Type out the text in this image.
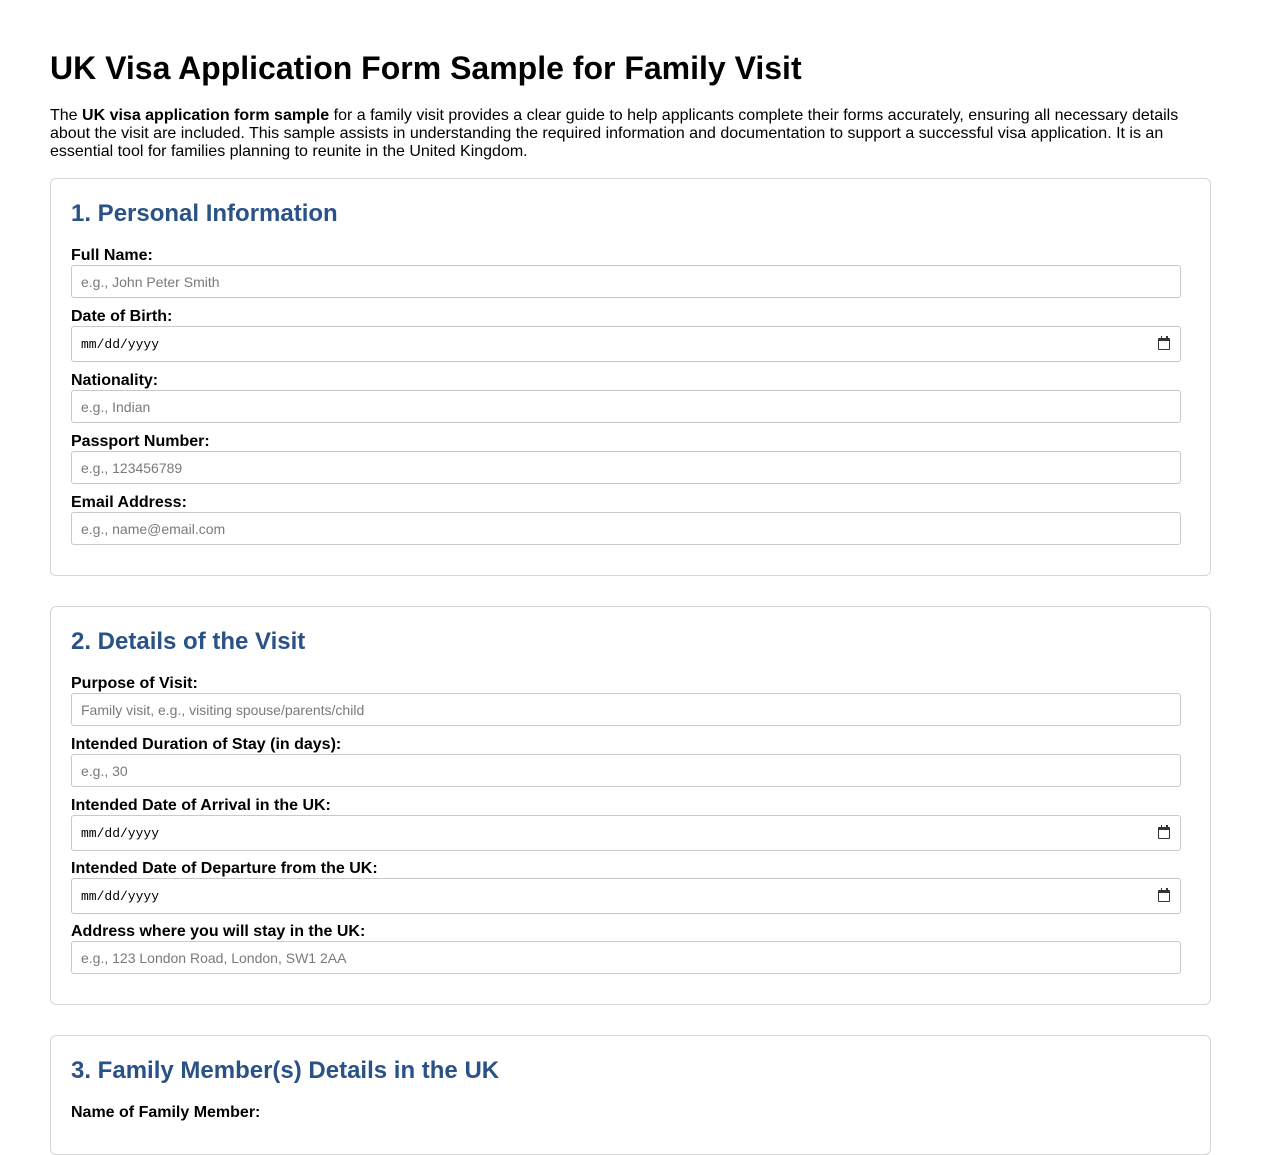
UK Visa Application Form Sample for Family Visit

The UK visa application form sample for a family visit provides a clear guide to help applicants complete their forms accurately, ensuring all necessary details about the visit are included. This sample assists in understanding the required information and documentation to support a successful visa application. It is an essential tool for families planning to reunite in the United Kingdom.

1. Personal Information
Full Name:
e.g., John Peter Smith
Date of Birth:
mm/dd/yyyy
Nationality:
e.g., Indian
Passport Number:
e.g., 123456789
Email Address:
e.g., name@email.com
2. Details of the Visit
Purpose of Visit:
Family visit, e.g., visiting spouse/parents/child
Intended Duration of Stay (in days):
e.g., 30
Intended Date of Arrival in the UK:
mm/dd/yyyy
Intended Date of Departure from the UK:
mm/dd/yyyy
Address where you will stay in the UK:
e.g., 123 London Road, London, SW1 2AA
3. Family Member(s) Details in the UK
Name of Family Member:
